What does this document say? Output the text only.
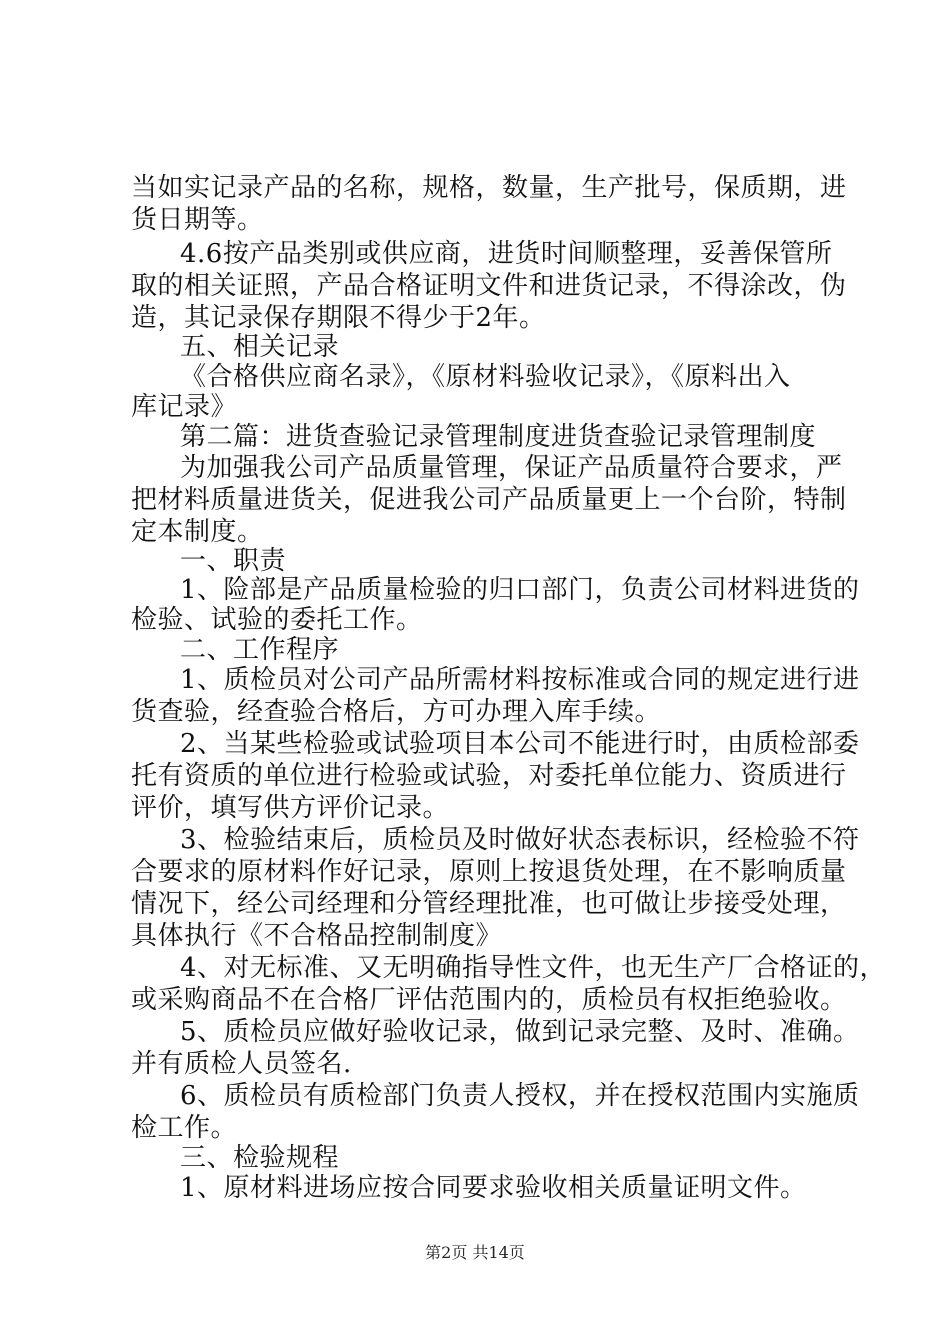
当如实记录产品的名称，规格，数量，生产批号，保质期，进
货日期等。
4.6按产品类别或供应商，进货时间顺整理，妥善保管所
取的相关证照，产品合格证明文件和进货记录，不得涂改，伪
造，其记录保存期限不得少于2年。
五、相关记录
《合格供应商名录》，《原材料验收记录》，《原料出入
库记录》
第二篇：进货查验记录管理制度进货查验记录管理制度
为加强我公司产品质量管理，保证产品质量符合要求，严
把材料质量进货关，促进我公司产品质量更上一个台阶，特制
定本制度。
一、职责
1、险部是产品质量检验的归口部门，负责公司材料进货的
检验、试验的委托工作。
二、工作程序
1、质检员对公司产品所需材料按标准或合同的规定进行进
货查验，经查验合格后，方可办理入库手续。
2、当某些检验或试验项目本公司不能进行时，由质检部委
托有资质的单位进行检验或试验，对委托单位能力、资质进行
评价，填写供方评价记录。
3、检验结束后，质检员及时做好状态表标识，经检验不符
合要求的原材料作好记录，原则上按退货处理，在不影响质量
情况下，经公司经理和分管经理批准，也可做让步接受处理，
具体执行《不合格品控制制度》
4、对无标准、又无明确指导性文件，也无生产厂合格证的，
或采购商品不在合格厂评估范围内的，质检员有权拒绝验收。
5、质检员应做好验收记录，做到记录完整、及时、准确。
并有质检人员签名.
6、质检员有质检部门负责人授权，并在授权范围内实施质
检工作。
三、检验规程
1、原材料进场应按合同要求验收相关质量证明文件。
第2页 共14页
